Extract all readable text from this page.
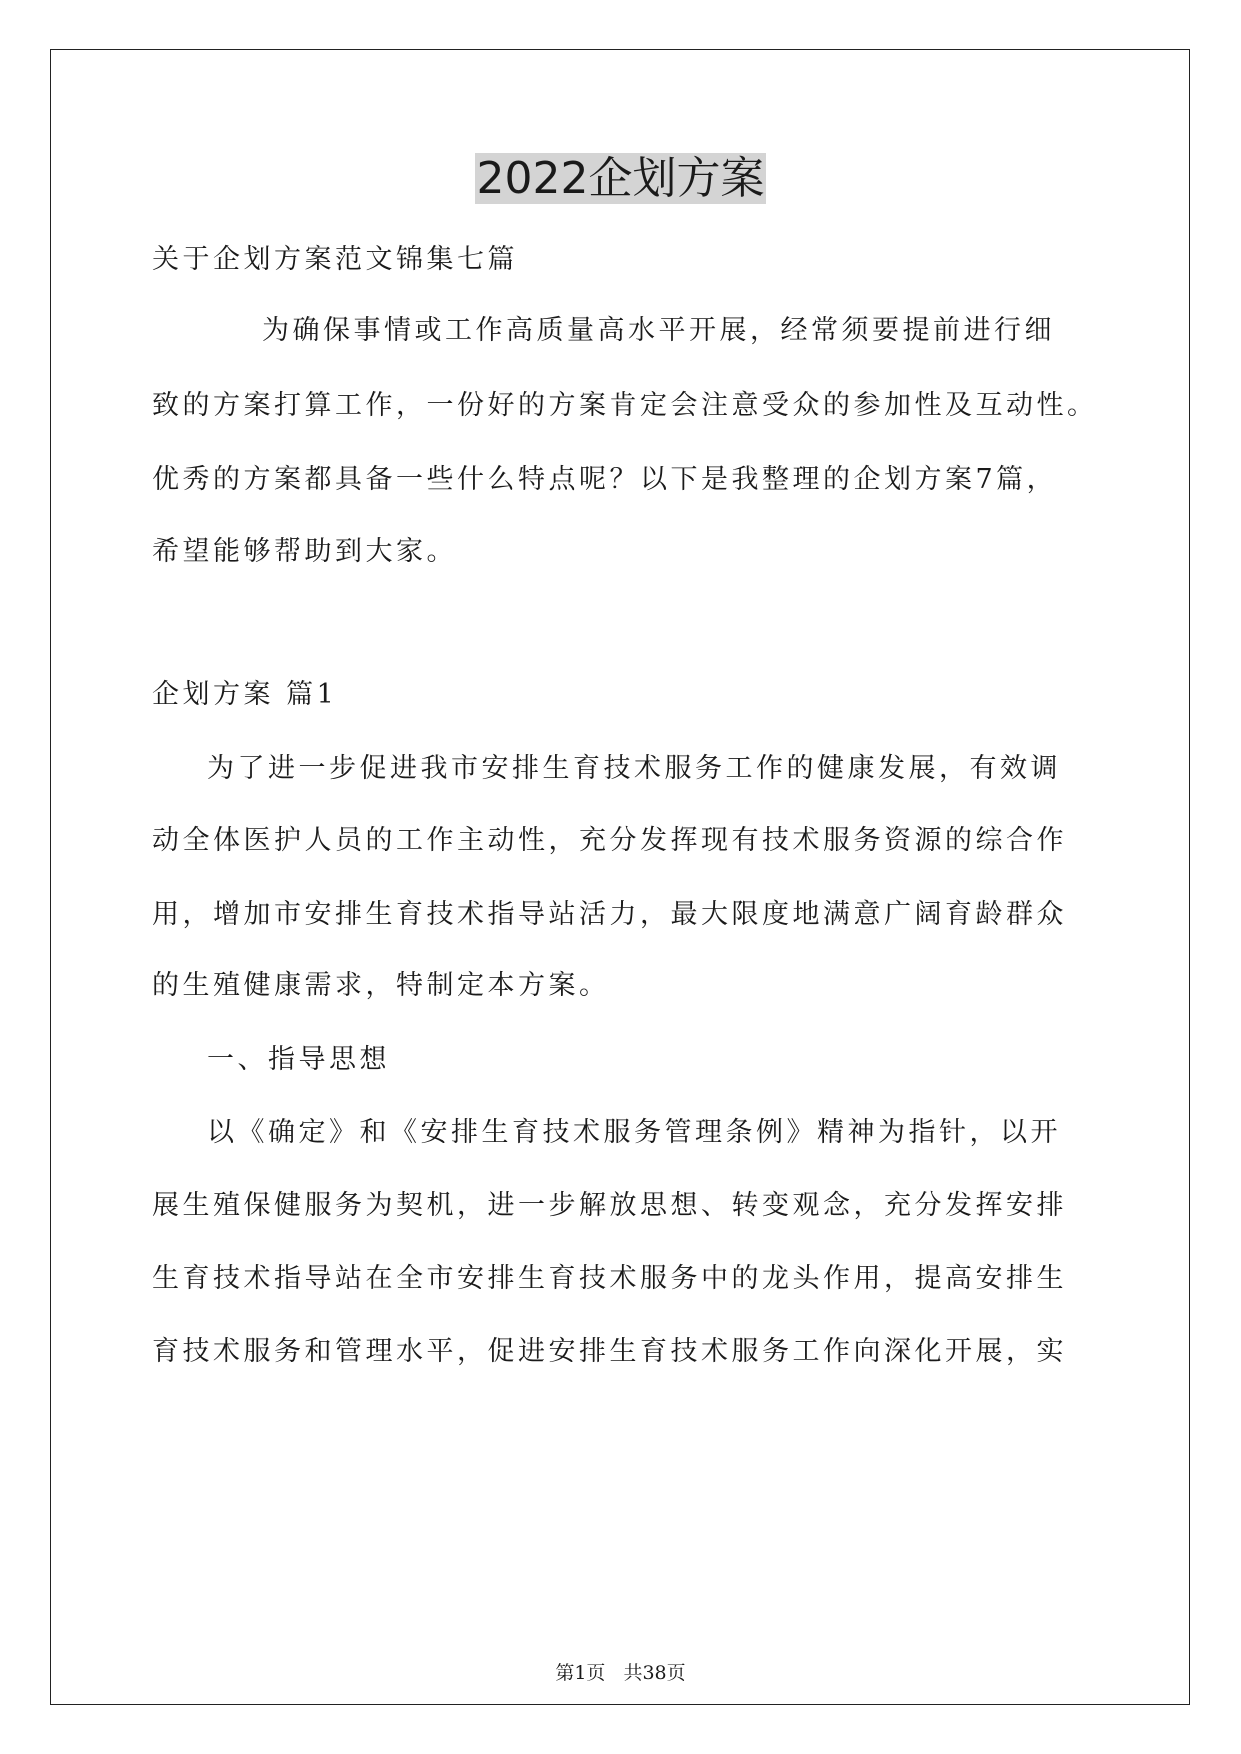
2022企划方案
关于企划方案范文锦集七篇
为确保事情或工作高质量高水平开展，经常须要提前进行细
致的方案打算工作，一份好的方案肯定会注意受众的参加性及互动性。
优秀的方案都具备一些什么特点呢？以下是我整理的企划方案7篇，
希望能够帮助到大家。
企划方案 篇1
为了进一步促进我市安排生育技术服务工作的健康发展，有效调
动全体医护人员的工作主动性，充分发挥现有技术服务资源的综合作
用，增加市安排生育技术指导站活力，最大限度地满意广阔育龄群众
的生殖健康需求，特制定本方案。
一、指导思想
以《确定》和《安排生育技术服务管理条例》精神为指针，以开
展生殖保健服务为契机，进一步解放思想、转变观念，充分发挥安排
生育技术指导站在全市安排生育技术服务中的龙头作用，提高安排生
育技术服务和管理水平，促进安排生育技术服务工作向深化开展，实
第1页 共38页
